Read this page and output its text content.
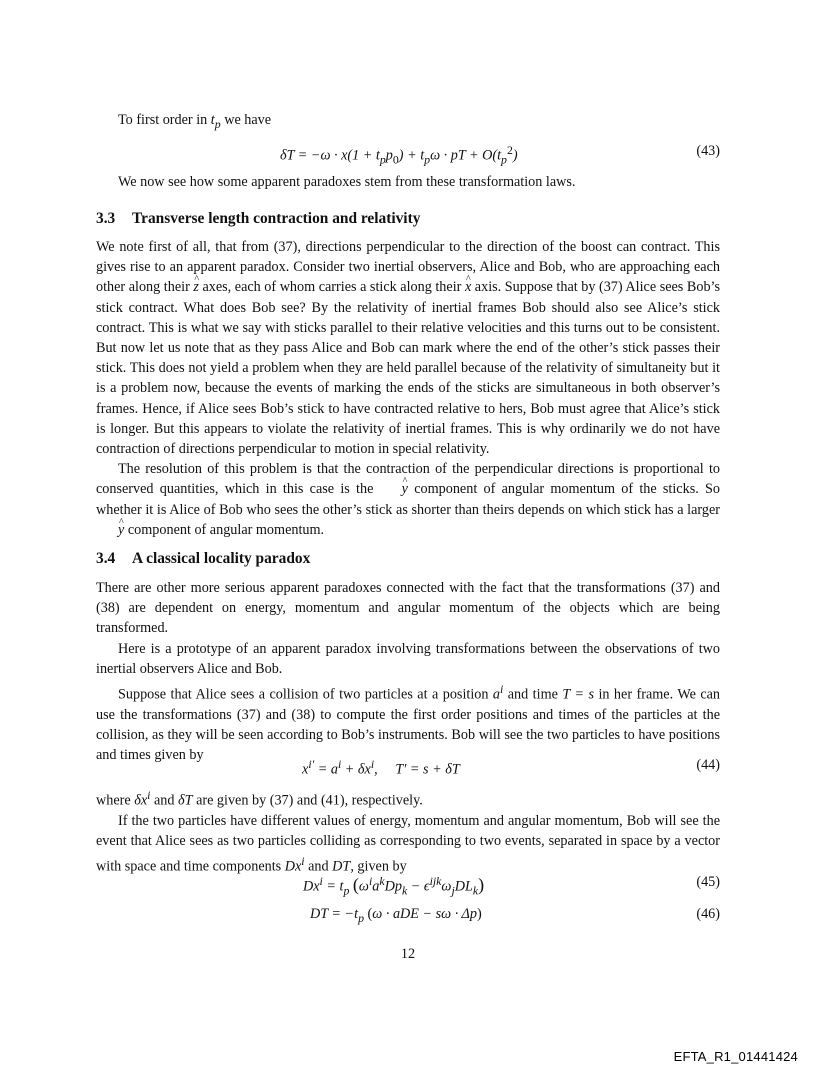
To first order in $t_p$ we have

$\delta T = -\omega \cdot x(1 + t_pp_0) + t_p\omega$ · pT + $O(t_p^2)$	(43)

We now see how some apparent paradoxes stem from these transformation laws.

3.3 Transverse length contraction and relativity

We note first of all, that from (37), directions perpendicular to the direction of the boost can contract. This gives rise to an apparent paradox. Consider two inertial observers, Alice and Bob, who are approaching each other along their ^ z axes, each of whom carries a stick along their ^ x axis. Suppose that by (37) Alice sees Bob’s stick contract. What does Bob see? By the relativity of inertial frames Bob should also see Alice’s stick contract. This is what we say with sticks parallel to their relative velocities and this turns out to be consistent. But now let us note that as they pass Alice and Bob can mark where the end of the other’s stick passes their stick. This does not yield a problem when they are held parallel because of the relativity of simultaneity but it is a problem now, because the events of marking the ends of the sticks are simultaneous in both observer’s frames. Hence, if Alice sees Bob’s stick to have contracted relative to hers, Bob must agree that Alice’s stick is longer. But this appears to violate the relativity of inertial frames. This is why ordinarily we do not have contraction of directions perpendicular to motion in special relativity.

The resolution of this problem is that the contraction of the perpendicular directions is proportional to conserved quantities, which in this case is the ^ y component of angular momentum of the sticks. So whether it is Alice of Bob who sees the other’s stick as shorter than theirs depends on which stick has a larger ^ y component of angular momentum.

3.4 A classical locality paradox

There are other more serious apparent paradoxes connected with the fact that the transformations (37) and (38) are dependent on energy, momentum and angular momentum of the objects which are being transformed.

Here is a prototype of an apparent paradox involving transformations between the observations of two inertial observers Alice and Bob.

Suppose that Alice sees a collision of two particles at a position $a^i$ and time T = s in her frame. We can use the transformations (37) and (38) to compute the first order positions and times of the particles at the collision, as they will be seen according to Bob’s instruments. Bob will see the two particles to have positions and times given by

$x^{i'} = a^i + \delta x^i$,     T′ = s + δT	(44)

where $\delta x^i$ and δT are given by (37) and (41), respectively.

If the two particles have different values of energy, momentum and angular momentum, Bob will see the event that Alice sees as two particles colliding as corresponding to two events, separated in space by a vector with space and time components Dx$^i$ and DT, given by

$Dx^i = t_p$ $(\omega^ia^kDp_k - \epsilon^{ijk}\omega_jDL_k)$	(45)
DT = $-t_p$ (ω · aDE − sω · Δp)	(46)
12
EFTA_R1_01441424
